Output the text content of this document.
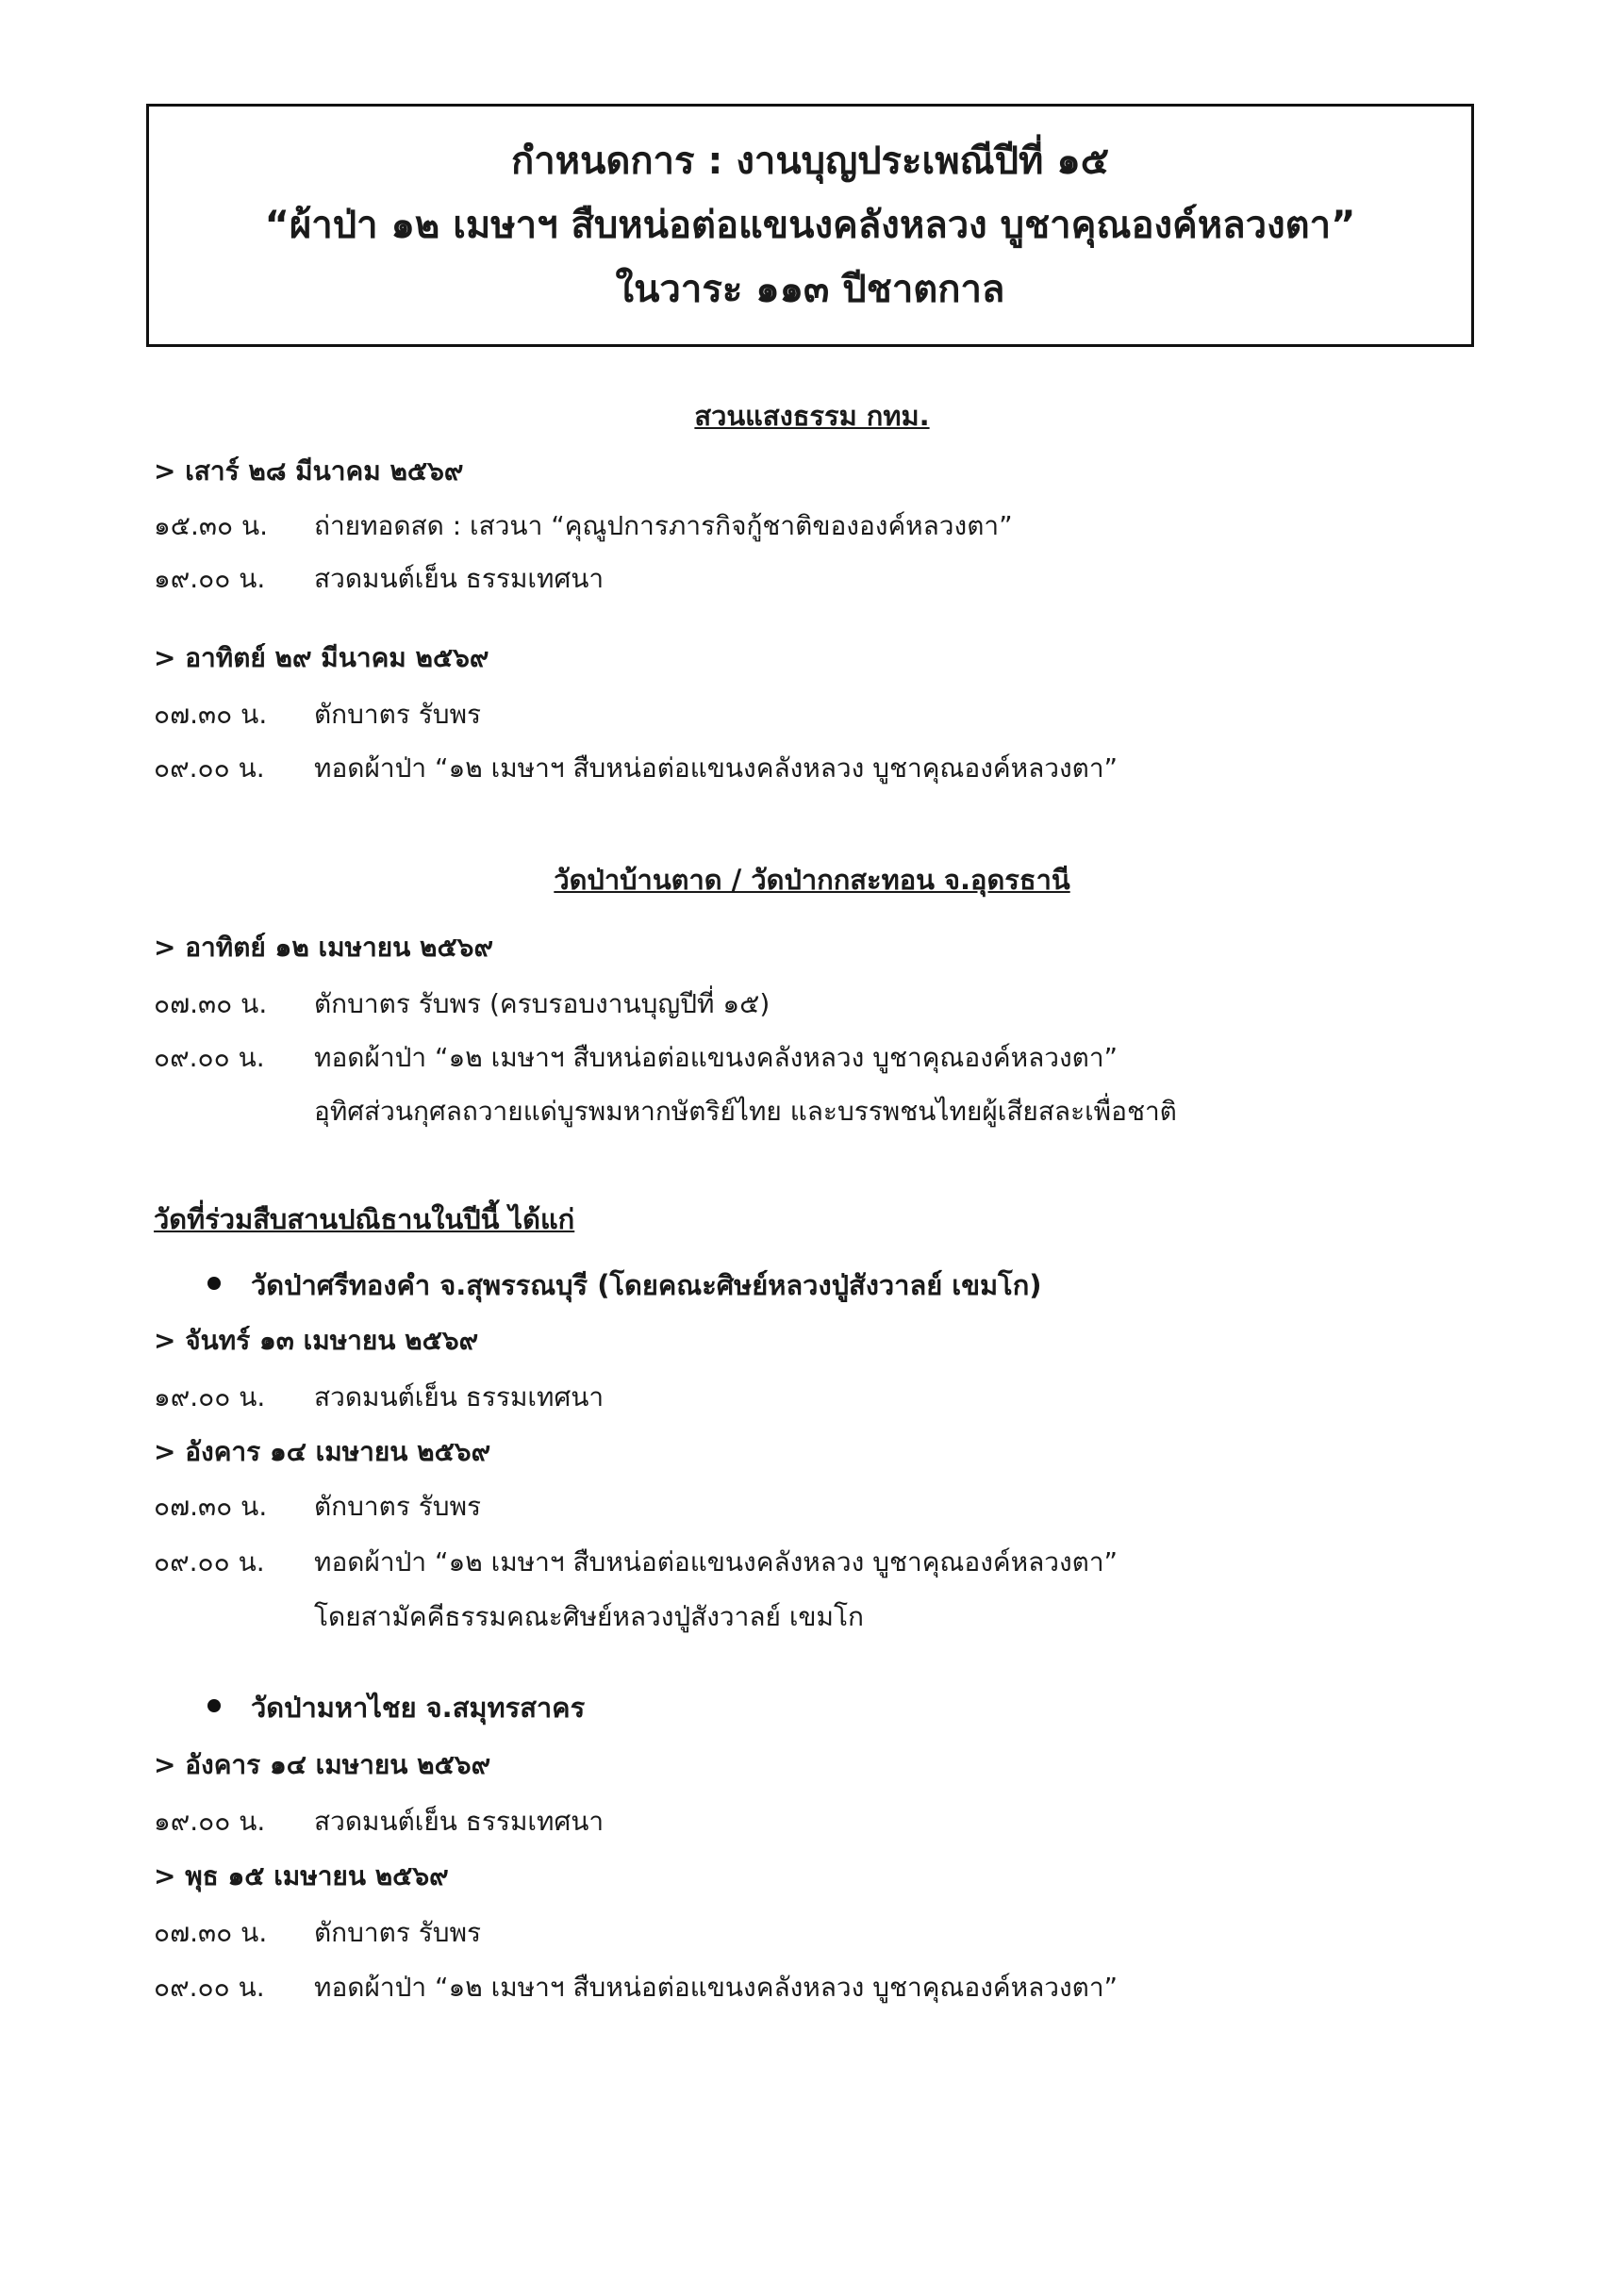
กำหนดการ : งานบุญประเพณีปีที่ ๑๕
“ผ้าป่า ๑๒ เมษาฯ สืบหน่อต่อแขนงคลังหลวง บูชาคุณองค์หลวงตา”
ในวาระ ๑๑๓ ปีชาตกาล
สวนแสงธรรม กทม.
> เสาร์ ๒๘ มีนาคม ๒๕๖๙
๑๕.๓๐ น.	ถ่ายทอดสด : เสวนา “คุณูปการภารกิจกู้ชาติขององค์หลวงตา”
๑๙.๐๐ น.	สวดมนต์เย็น ธรรมเทศนา
> อาทิตย์ ๒๙ มีนาคม ๒๕๖๙
๐๗.๓๐ น.	ตักบาตร รับพร
๐๙.๐๐ น.	ทอดผ้าป่า “๑๒ เมษาฯ สืบหน่อต่อแขนงคลังหลวง บูชาคุณองค์หลวงตา”
วัดป่าบ้านตาด / วัดป่ากกสะทอน จ.อุดรธานี
> อาทิตย์ ๑๒ เมษายน ๒๕๖๙
๐๗.๓๐ น.	ตักบาตร รับพร (ครบรอบงานบุญปีที่ ๑๕)
๐๙.๐๐ น.	ทอดผ้าป่า “๑๒ เมษาฯ สืบหน่อต่อแขนงคลังหลวง บูชาคุณองค์หลวงตา”
อุทิศส่วนกุศลถวายแด่บูรพมหากษัตริย์ไทย และบรรพชนไทยผู้เสียสละเพื่อชาติ
วัดที่ร่วมสืบสานปณิธานในปีนี้ ได้แก่
วัดป่าศรีทองคำ จ.สุพรรณบุรี (โดยคณะศิษย์หลวงปู่สังวาลย์ เขมโก)
> จันทร์ ๑๓ เมษายน ๒๕๖๙
๑๙.๐๐ น.	สวดมนต์เย็น ธรรมเทศนา
> อังคาร ๑๔ เมษายน ๒๕๖๙
๐๗.๓๐ น.	ตักบาตร รับพร
๐๙.๐๐ น.	ทอดผ้าป่า “๑๒ เมษาฯ สืบหน่อต่อแขนงคลังหลวง บูชาคุณองค์หลวงตา”
โดยสามัคคีธรรมคณะศิษย์หลวงปู่สังวาลย์ เขมโก
วัดป่ามหาไชย จ.สมุทรสาคร
> อังคาร ๑๔ เมษายน ๒๕๖๙
๑๙.๐๐ น.	สวดมนต์เย็น ธรรมเทศนา
> พุธ ๑๕ เมษายน ๒๕๖๙
๐๗.๓๐ น.	ตักบาตร รับพร
๐๙.๐๐ น.	ทอดผ้าป่า “๑๒ เมษาฯ สืบหน่อต่อแขนงคลังหลวง บูชาคุณองค์หลวงตา”
